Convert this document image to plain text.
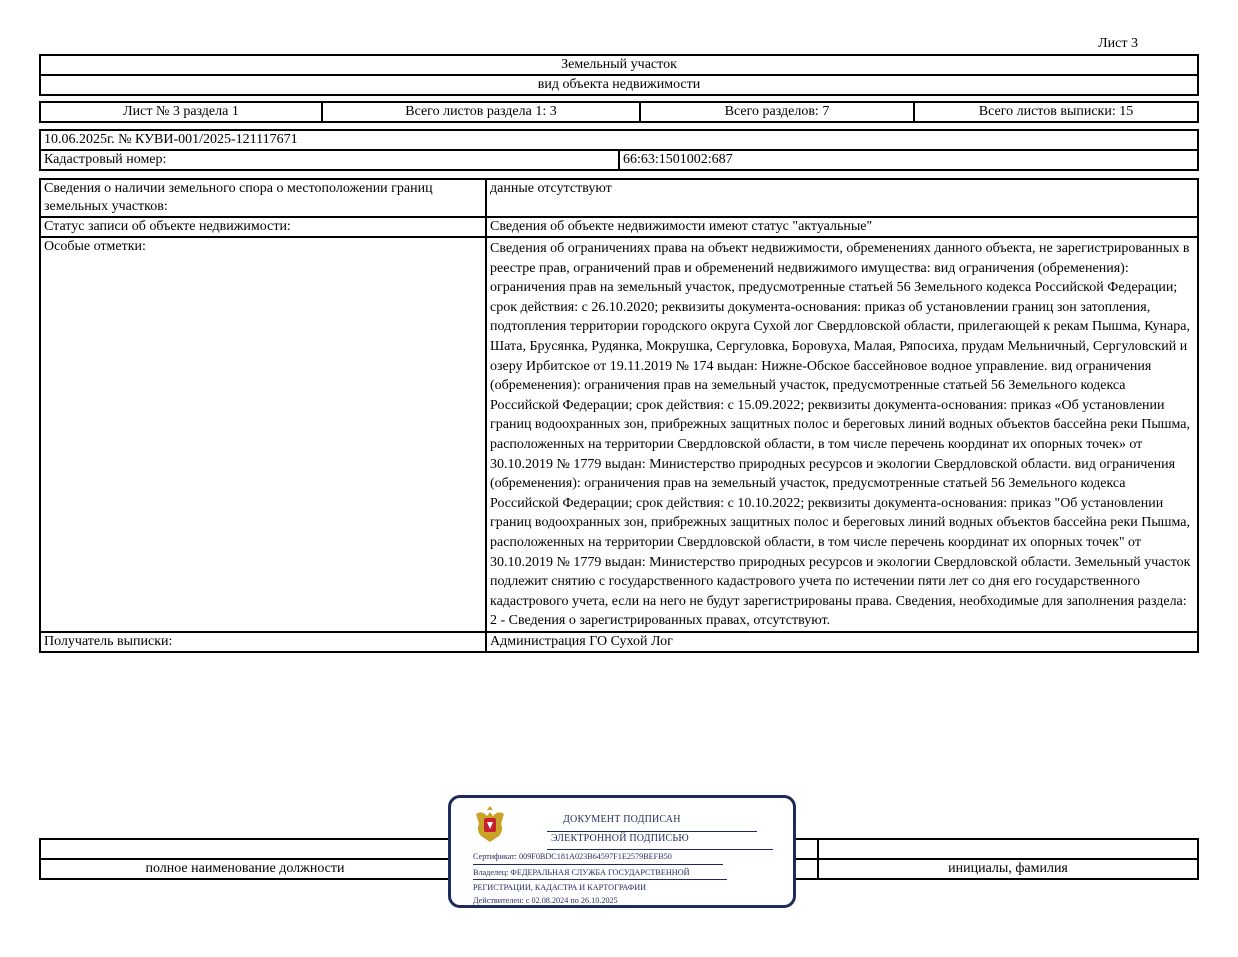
Лист 3
Земельный участок
вид объекта недвижимости
Лист № 3 раздела 1	Всего листов раздела 1: 3	Всего разделов: 7	Всего листов выписки: 15
10.06.2025г. № КУВИ-001/2025-121117671
Кадастровый номер:	66:63:1501002:687
Сведения о наличии земельного спора о местоположении границ земельных участков:	данные отсутствуют
Статус записи об объекте недвижимости:	Сведения об объекте недвижимости имеют статус "актуальные"
Особые отметки:	Сведения об ограничениях права на объект недвижимости, обременениях данного объекта, не зарегистрированных в реестре прав, ограничений прав и обременений недвижимого имущества: вид ограничения (обременения): ограничения прав на земельный участок, предусмотренные статьей 56 Земельного кодекса Российской Федерации; срок действия: с 26.10.2020; реквизиты документа-основания: приказ об установлении границ зон затопления, подтопления территории городского округа Сухой лог Свердловской области, прилегающей к рекам Пышма, Кунара, Шата, Брусянка, Рудянка, Мокрушка, Сергуловка, Боровуха, Малая, Ряпосиха, прудам Мельничный, Сергуловский и озеру Ирбитское от 19.11.2019 № 174 выдан: Нижне-Обское бассейновое водное управление. вид ограничения (обременения): ограничения прав на земельный участок, предусмотренные статьей 56 Земельного кодекса Российской Федерации; срок действия: с 15.09.2022; реквизиты документа-основания: приказ «Об установлении границ водоохранных зон, прибрежных защитных полос и береговых линий водных объектов бассейна реки Пышма, расположенных на территории Свердловской области, в том числе перечень координат их опорных точек» от 30.10.2019 № 1779 выдан: Министерство природных ресурсов и экологии Свердловской области. вид ограничения (обременения): ограничения прав на земельный участок, предусмотренные статьей 56 Земельного кодекса Российской Федерации; срок действия: с 10.10.2022; реквизиты документа-основания: приказ "Об установлении границ водоохранных зон, прибрежных защитных полос и береговых линий водных объектов бассейна реки Пышма, расположенных на территории Свердловской области, в том числе перечень координат их опорных точек" от 30.10.2019 № 1779 выдан: Министерство природных ресурсов и экологии Свердловской области. Земельный участок подлежит снятию с государственного кадастрового учета по истечении пяти лет со дня его государственного кадастрового учета, если на него не будут зарегистрированы права. Сведения, необходимые для заполнения раздела: 2 - Сведения о зарегистрированных правах, отсутствуют.
Получатель выписки:	Администрация ГО Сухой Лог

полное наименование должности		инициалы, фамилия
ДОКУМЕНТ ПОДПИСАН
ЭЛЕКТРОННОЙ ПОДПИСЬЮ
Сертификат: 009F0BDC181A023B64597F1E2579BEFB50
Владелец: ФЕДЕРАЛЬНАЯ СЛУЖБА ГОСУДАРСТВЕННОЙ
РЕГИСТРАЦИИ, КАДАСТРА И КАРТОГРАФИИ
Действителен: с 02.08.2024 по 26.10.2025
